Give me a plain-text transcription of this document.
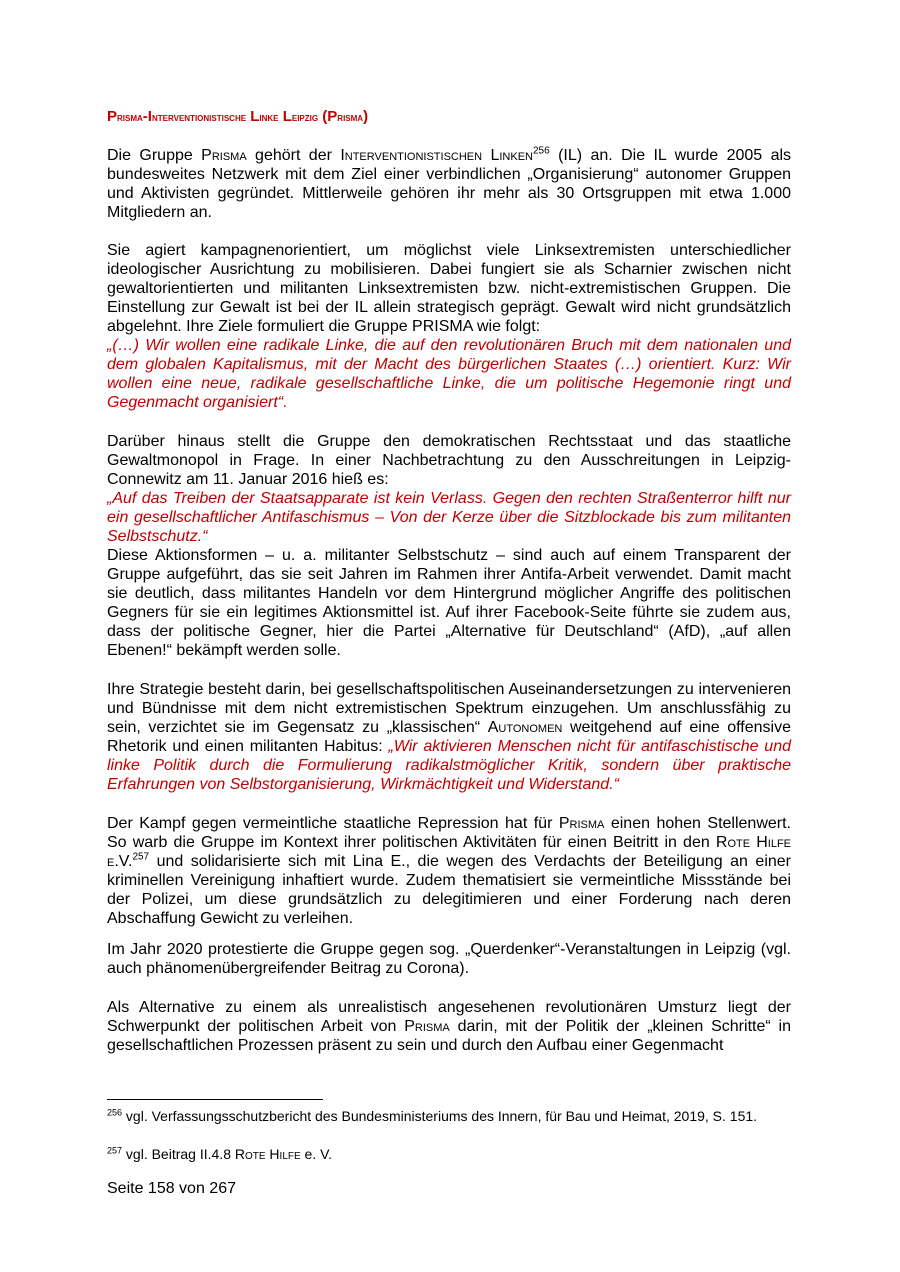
Prisma-Interventionistische Linke Leipzig (Prisma)
Die Gruppe Prisma gehört der Interventionistischen Linken$^{256}$ (IL) an. Die IL wurde 2005 als bundesweites Netzwerk mit dem Ziel einer verbindlichen „Organisierung“ autonomer Gruppen und Aktivisten gegründet. Mittlerweile gehören ihr mehr als 30 Ortsgruppen mit etwa 1.000 Mitgliedern an.
Sie agiert kampagnenorientiert, um möglichst viele Linksextremisten unterschiedlicher ideologischer Ausrichtung zu mobilisieren. Dabei fungiert sie als Scharnier zwischen nicht gewaltorientierten und militanten Linksextremisten bzw. nicht-extremistischen Gruppen. Die Einstellung zur Gewalt ist bei der IL allein strategisch geprägt. Gewalt wird nicht grundsätzlich abgelehnt. Ihre Ziele formuliert die Gruppe PRISMA wie folgt:
„(…) Wir wollen eine radikale Linke, die auf den revolutionären Bruch mit dem nationalen und dem globalen Kapitalismus, mit der Macht des bürgerlichen Staates (…) orientiert. Kurz: Wir wollen eine neue, radikale gesellschaftliche Linke, die um politische Hegemonie ringt und Gegenmacht organisiert“.
Darüber hinaus stellt die Gruppe den demokratischen Rechtsstaat und das staatliche Gewaltmonopol in Frage. In einer Nachbetrachtung zu den Ausschreitungen in Leipzig-Connewitz am 11. Januar 2016 hieß es:
„Auf das Treiben der Staatsapparate ist kein Verlass. Gegen den rechten Straßenterror hilft nur ein gesellschaftlicher Antifaschismus – Von der Kerze über die Sitzblockade bis zum militanten Selbstschutz.“
Diese Aktionsformen – u. a. militanter Selbstschutz – sind auch auf einem Transparent der Gruppe aufgeführt, das sie seit Jahren im Rahmen ihrer Antifa-Arbeit verwendet. Damit macht sie deutlich, dass militantes Handeln vor dem Hintergrund möglicher Angriffe des politischen Gegners für sie ein legitimes Aktionsmittel ist. Auf ihrer Facebook-Seite führte sie zudem aus, dass der politische Gegner, hier die Partei „Alternative für Deutschland“ (AfD), „auf allen Ebenen!“ bekämpft werden solle.
Ihre Strategie besteht darin, bei gesellschaftspolitischen Auseinandersetzungen zu intervenieren und Bündnisse mit dem nicht extremistischen Spektrum einzugehen. Um anschlussfähig zu sein, verzichtet sie im Gegensatz zu „klassischen“ Autonomen weitgehend auf eine offensive Rhetorik und einen militanten Habitus: „Wir aktivieren Menschen nicht für antifaschistische und linke Politik durch die Formulierung radikalstmöglicher Kritik, sondern über praktische Erfahrungen von Selbstorganisierung, Wirkmächtigkeit und Widerstand.“
Der Kampf gegen vermeintliche staatliche Repression hat für Prisma einen hohen Stellenwert. So warb die Gruppe im Kontext ihrer politischen Aktivitäten für einen Beitritt in den Rote Hilfe e.V.$^{257}$ und solidarisierte sich mit Lina E., die wegen des Verdachts der Beteiligung an einer kriminellen Vereinigung inhaftiert wurde. Zudem thematisiert sie vermeintliche Missstände bei der Polizei, um diese grundsätzlich zu delegitimieren und einer Forderung nach deren Abschaffung Gewicht zu verleihen.
Im Jahr 2020 protestierte die Gruppe gegen sog. „Querdenker“-Veranstaltungen in Leipzig (vgl. auch phänomenübergreifender Beitrag zu Corona).
Als Alternative zu einem als unrealistisch angesehenen revolutionären Umsturz liegt der Schwerpunkt der politischen Arbeit von Prisma darin, mit der Politik der „kleinen Schritte“ in gesellschaftlichen Prozessen präsent zu sein und durch den Aufbau einer Gegenmacht
$^{256}$ vgl. Verfassungsschutzbericht des Bundesministeriums des Innern, für Bau und Heimat, 2019, S. 151.
$^{257}$ vgl. Beitrag II.4.8 Rote Hilfe e. V.
Seite 158 von 267
